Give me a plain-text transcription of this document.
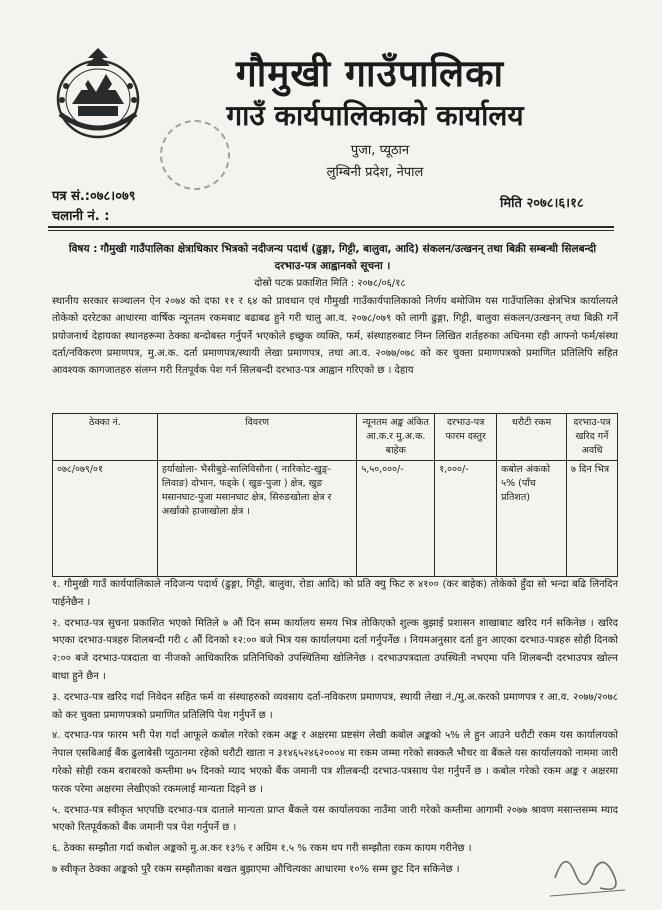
गौमुखी गाउँपालिका
गाउँ कार्यपालिकाको कार्यालय
पुजा, प्यूठान
लुम्बिनी प्रदेश, नेपाल
पत्र सं.:०७८।०७९
चलानी नं. :
मिति २०७८।६।१८
विषय : गौमुखी गाउँपालिका क्षेत्राधिकार भित्रको नदीजन्य पदार्थ (ढुङ्गा, गिट्टी, बालुवा, आदि) संकलन/उत्खनन् तथा बिक्री सम्बन्धी सिलबन्दी दरभाउ-पत्र आह्वानको सूचना ।
दोस्रो पटक प्रकाशित मिति : २०७८/०६/१८
स्थानीय सरकार सञ्चालन ऐन २०७४ को दफा ११ र ६४ को प्रावधान एवं गौमुखी गाउँकार्यपालिकाको निर्णय बमोजिम यस गाउँपालिका क्षेत्रभित्र कार्यालयले तोकेको दररेटका आधारमा वार्षिक न्यूनतम रकमबाट बढाबढ हुने गरी चालु आ.व. २०७८/०७९ को लागी ढुङ्गा, गिट्टी, बालुवा संकलन/उत्खनन् तथा बिक्री गर्ने प्रयोजनार्थ देहायका स्थानहरूमा ठेक्का बन्दोबस्त गर्नुपर्ने भएकोले इच्छुक व्यक्ति, फर्म, संस्थाहरुबाट निम्न लिखित शर्तहरुका अधिनमा रही आफ्नो फर्म/संस्था दर्ता/नविकरण प्रमाणपत्र, मु.अ.क. दर्ता प्रमाणपत्र/स्थायी लेखा प्रमाणपत्र, तथा आ.व. २०७७/०७८ को कर चुक्ता प्रमाणपत्रको प्रमाणित प्रतिलिपि सहित आवश्यक कागजातहरु संलग्न गरी रितपूर्वक पेश गर्न सिलबन्दी दरभाउ-पत्र आह्वान गरिएको छ । देहाय
ठेक्का नं.	विवरण	न्यूनतम अङ्क अंकित आ.क.र मु.अ.क. बाहेक	दरभाउ-पत्र फारम दस्तुर	धरौटी रकम	दरभाउ-पत्र खरिद गर्ने अवधि
०७८/०७९/०१	हर्याखोला- भैसीबुडे-सालिविसौना ( नारिकोट-खुङ्-लिवाङ) दोभान, फड्के ( खुङ-पुजा ) क्षेत्र, खुङ मसानघाट-पुजा मसानघाट क्षेत्र, सिरुङखोला क्षेत्र र अर्खाको हाजाखोला क्षेत्र ।	५,५०,०००/-	१,०००/-	कबोल अंकको ५% (पाँच प्रतिशत)	७ दिन भित्र

१. गौमुखी गाउँ कार्यपालिकाले नदिजन्य पदार्थ (ढुङ्गा, गिट्टी, बालुवा, रोडा आदि) को प्रति क्यु फिट रु ४१०० (कर बाहेक) तोकेको हुँदा सो भन्दा बढि लिनदिन पाईनेछैन ।

२. दरभाउ-पत्र सुचना प्रकाशित भएको मितिले ७ औं दिन सम्म कार्यालय समय भित्र तोकिएको शुल्क बुझाई प्रशासन शाखाबाट खरिद गर्न सकिनेछ । खरिद भएका दरभाउ-पत्रहरु शिलबन्दी गरी ८ औं दिनको १२:०० बजे भित्र यस कार्यालयमा दर्ता गर्नुपर्नेछ । नियमअनुसार दर्ता हुन आएका दरभाउ-पत्रहरु सोही दिनको २:०० बजे दरभाउ-पत्रदाता वा नीजको आधिकारिक प्रतिनिधिको उपस्थितिमा खोलिनेछ । दरभाउपत्रदाता उपस्थिती नभएमा पनि शिलबन्दी दरभाउपत्र खोल्न बाधा हुने छैन ।

३. दरभाउ-पत्र खरिद गर्दा निवेदन सहित फर्म वा संस्थाहरुको व्यवसाय दर्ता-नविकरण प्रमाणपत्र, स्थायी लेखा नं./मु.अ.करको प्रमाणपत्र र आ.व. २०७७/२०७८ को कर चुक्ता प्रमाणपत्रको प्रमाणित प्रतिलिपि पेश गर्नुपर्ने छ ।

४. दरभाउ-पत्र फारम भरी पेश गर्दा आफूले कबोल गरेको रकम अङ्क र अक्षरमा प्रष्टसंग लेखी कबोल अङ्कको ५% ले हुन आउने धरौटी रकम यस कार्यालयको नेपाल एसबिआई बैंक ढुलाबेसी प्युठानमा रहेको धरौटी खाता न ३१४६५२४६२०००४ मा रकम जम्मा गरेको सक्कलै भौचर वा बैंकले यस कार्यालयको नाममा जारी गरेको सोही रकम बराबरको कम्तीमा ७५ दिनको म्याद भएको बैंक जमानी पत्र शीलबन्दी दरभाउ-पत्रसाथ पेश गर्नुपर्ने छ । कबोल गरेको रकम अङ्क र अक्षरमा फरक परेमा अक्षरमा लेखीएको रकमलाई मान्यता दिइने छ ।

५. दरभाउ-पत्र स्वीकृत भएपछि दरभाउ-पत्र दाताले मान्यता प्राप्त बैंकले यस कार्यालयका नाउँमा जारी गरेको कम्तीमा आगामी २०७७ श्रावण मसान्तसम्म म्याद भएको रितपूर्वकको बैंक जमानी पत्र पेश गर्नुपर्ने छ ।

६. ठेक्का सम्झौता गर्दा कबोल अङ्कको मु.अ.कर १३% र अग्रिम १.५ % रकम थप गरी सम्झौता रकम कायम गरीनेछ ।

७ स्वीकृत ठेक्का अङ्कको पुरै रकम सम्झौताका बखत बुझाएमा औचित्यका आधारमा १०% सम्म छुट दिन सकिनेछ ।
